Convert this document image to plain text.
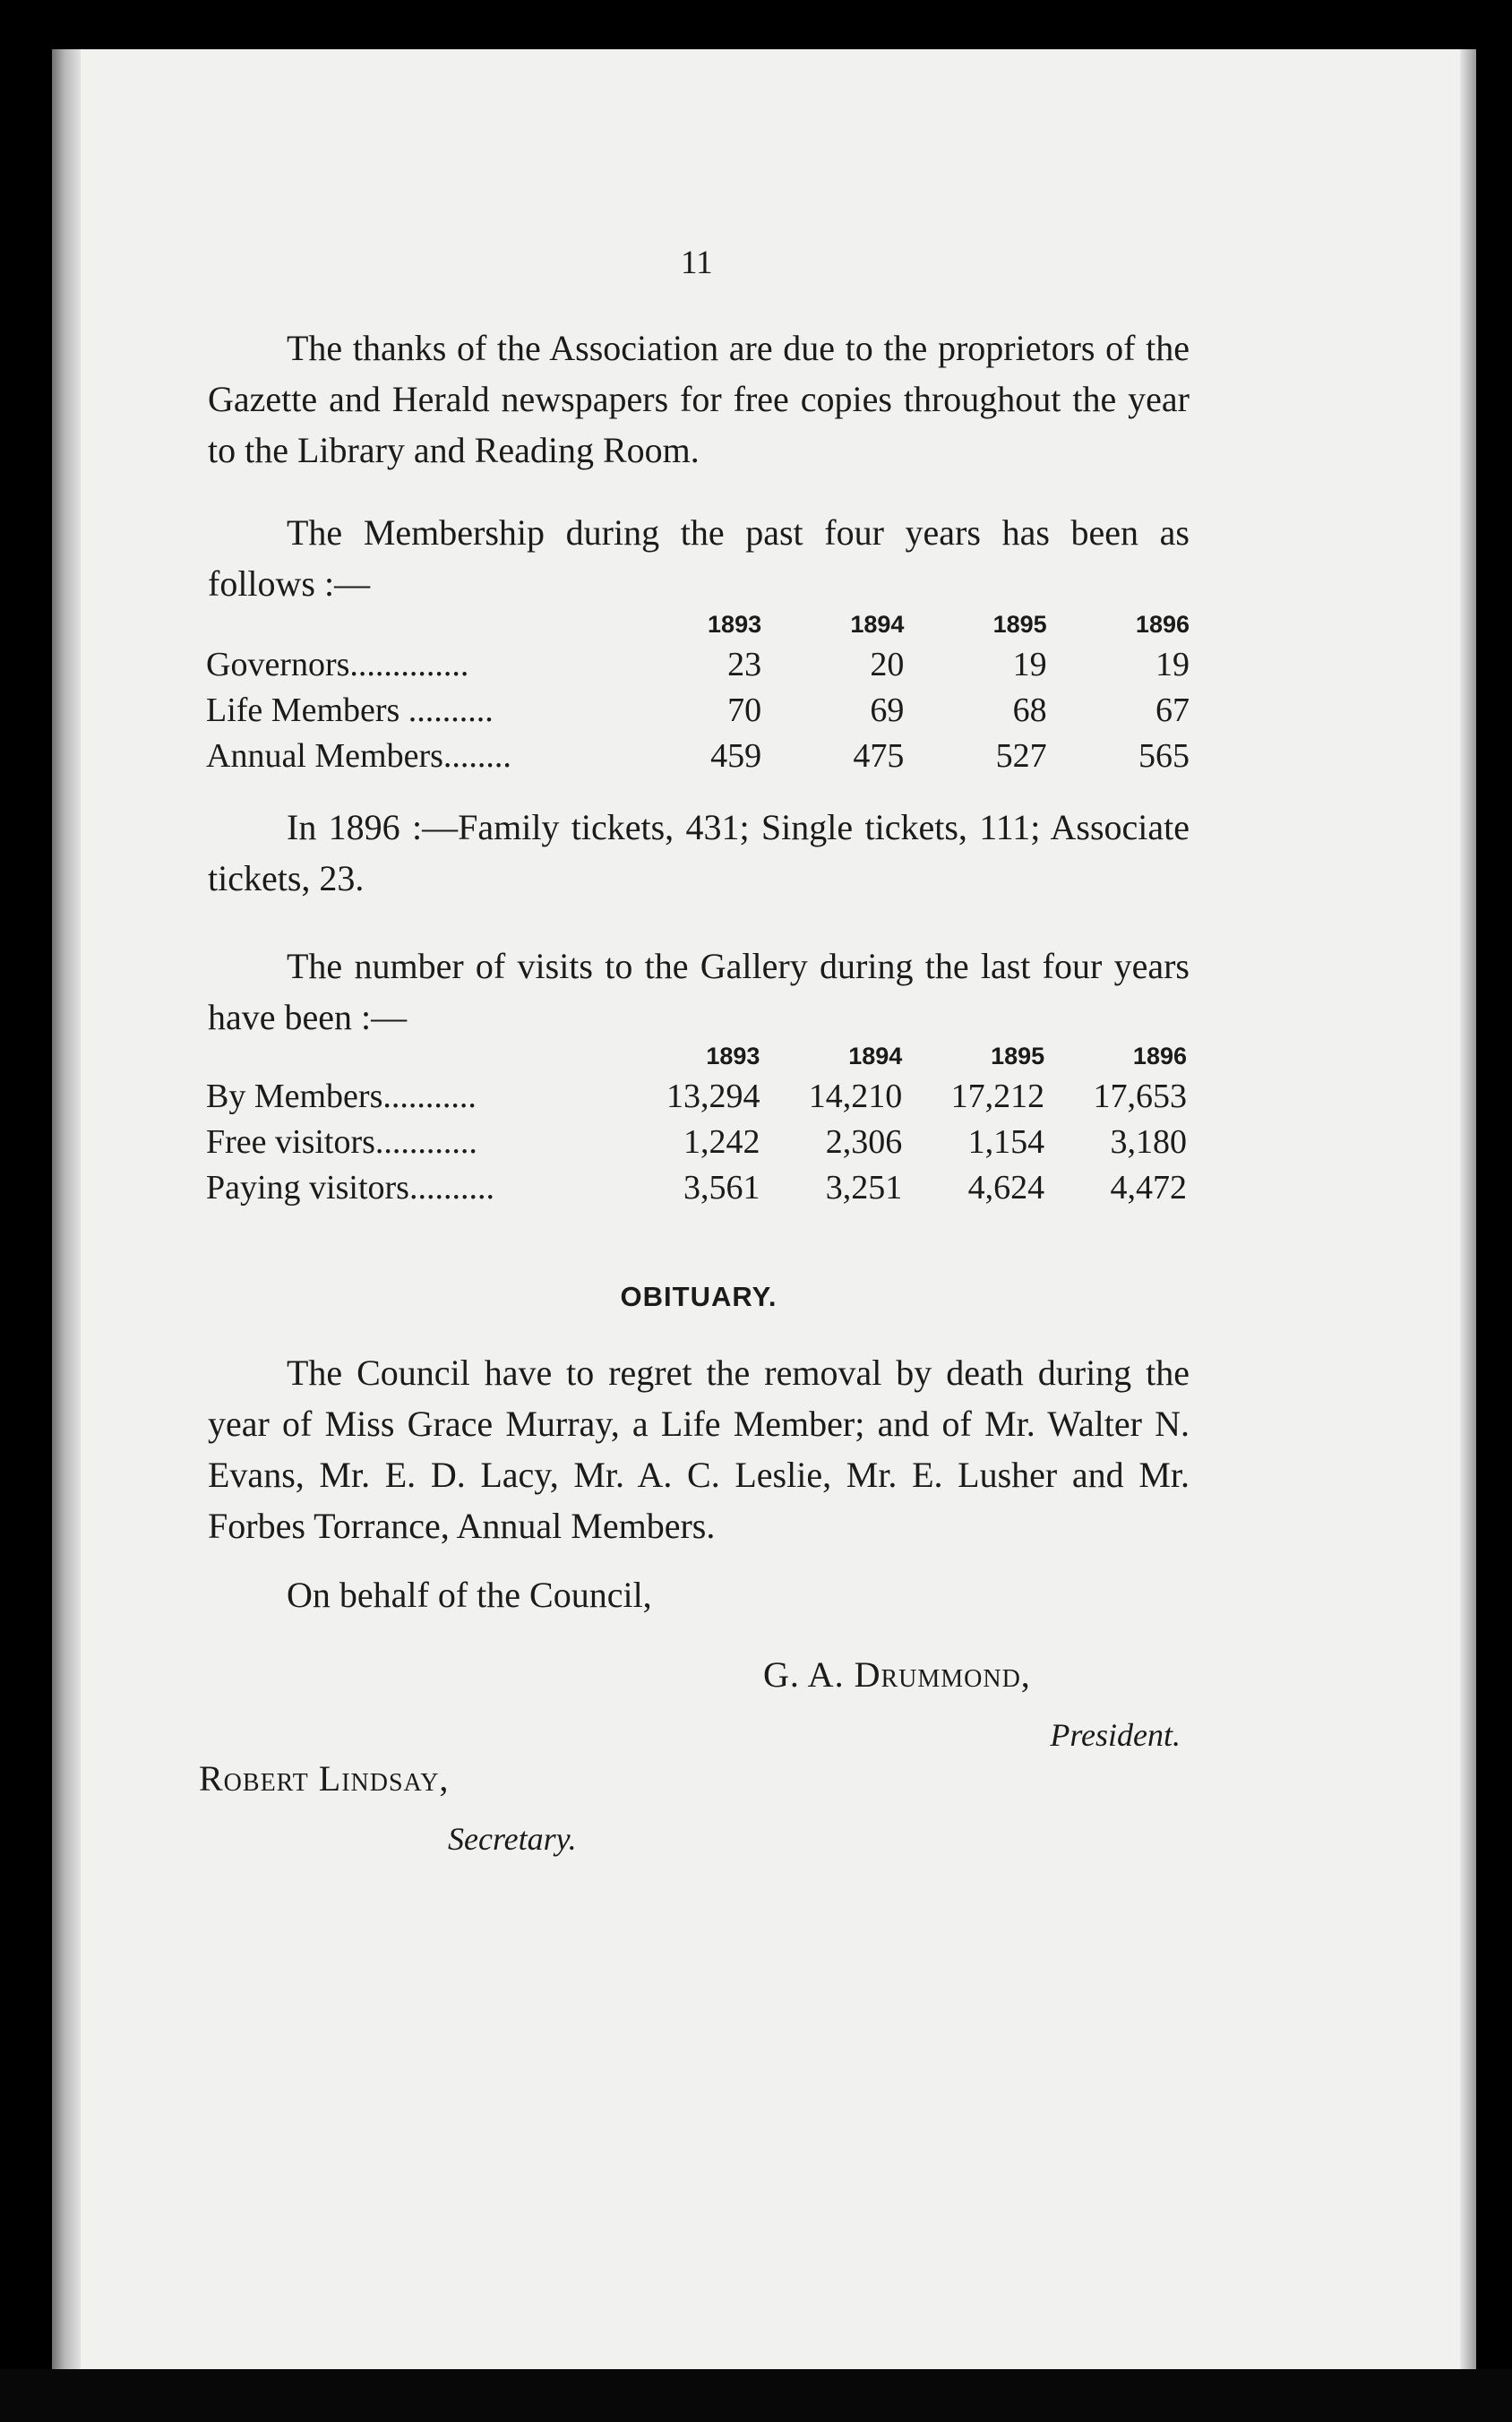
11

The thanks of the Association are due to the proprietors of the Gazette and Herald newspapers for free copies throughout the year to the Library and Reading Room.

The Membership during the past four years has been as follows :—

	1893	1894	1895	1896
Governors..............	23	20	19	19
Life Members ..........	70	69	68	67
Annual Members........	459	475	527	565

In 1896 :—Family tickets, 431; Single tickets, 111; Associate tickets, 23.

The number of visits to the Gallery during the last four years have been :—

	1893	1894	1895	1896
By Members...........	13,294	14,210	17,212	17,653
Free visitors............	1,242	2,306	1,154	3,180
Paying visitors..........	3,561	3,251	4,624	4,472
OBITUARY.

The Council have to regret the removal by death during the year of Miss Grace Murray, a Life Member; and of Mr. Walter N. Evans, Mr. E. D. Lacy, Mr. A. C. Leslie, Mr. E. Lusher and Mr. Forbes Torrance, Annual Members.

On behalf of the Council,

G. A. Drummond,
President.
Robert Lindsay,
Secretary.
